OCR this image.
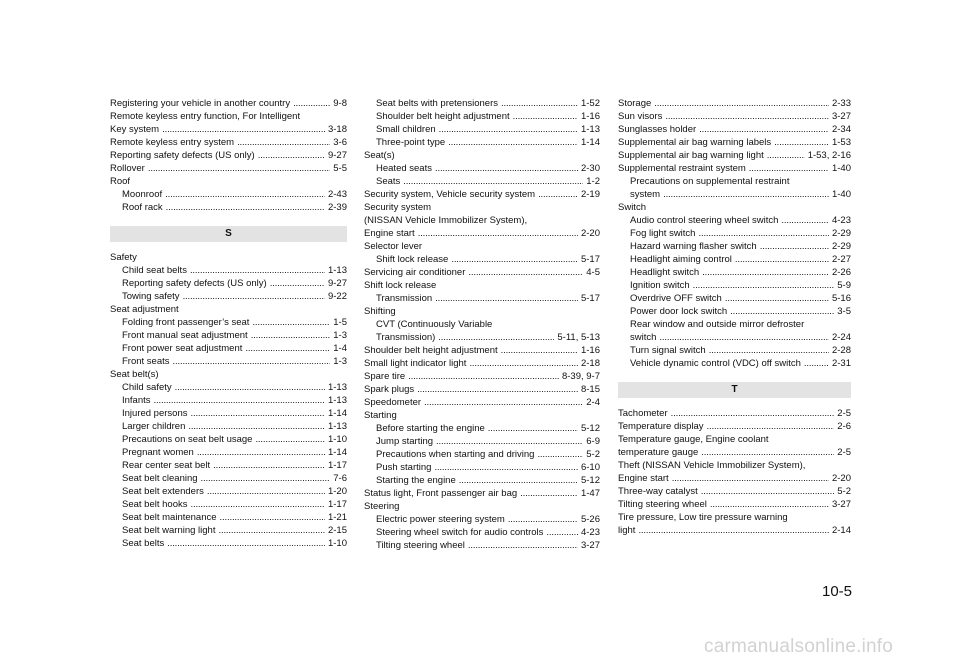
Registering your vehicle in another country . . .	9-8
Remote keyless entry function, For Intelligent
Key system . . .	3-18
Remote keyless entry system . . .	3-6
Reporting safety defects (US only) . . .	9-27
Rollover . . .	5-5
Roof
Moonroof . . .	2-43
Roof rack . . .	2-39
S
Safety
Child seat belts . . .	1-13
Reporting safety defects (US only) . . .	9-27
Towing safety . . .	9-22
Seat adjustment
Folding front passenger’s seat . . .	1-5
Front manual seat adjustment . . .	1-3
Front power seat adjustment . . .	1-4
Front seats . . .	1-3
Seat belt(s)
Child safety . . .	1-13
Infants . . .	1-13
Injured persons . . .	1-14
Larger children . . .	1-13
Precautions on seat belt usage . . .	1-10
Pregnant women . . .	1-14
Rear center seat belt . . .	1-17
Seat belt cleaning . . .	7-6
Seat belt extenders . . .	1-20
Seat belt hooks . . .	1-17
Seat belt maintenance . . .	1-21
Seat belt warning light . . .	2-15
Seat belts . . .	1-10
Seat belts with pretensioners . . .	1-52
Shoulder belt height adjustment . . .	1-16
Small children . . .	1-13
Three-point type . . .	1-14
Seat(s)
Heated seats . . .	2-30
Seats . . .	1-2
Security system, Vehicle security system . . .	2-19
Security system
(NISSAN Vehicle Immobilizer System),
Engine start . . .	2-20
Selector lever
Shift lock release . . .	5-17
Servicing air conditioner . . .	4-5
Shift lock release
Transmission . . .	5-17
Shifting
CVT (Continuously Variable
Transmission) . . .	5-11, 5-13
Shoulder belt height adjustment . . .	1-16
Small light indicator light . . .	2-18
Spare tire . . .	8-39, 9-7
Spark plugs . . .	8-15
Speedometer . . .	2-4
Starting
Before starting the engine . . .	5-12
Jump starting . . .	6-9
Precautions when starting and driving . . .	5-2
Push starting . . .	6-10
Starting the engine . . .	5-12
Status light, Front passenger air bag . . .	1-47
Steering
Electric power steering system . . .	5-26
Steering wheel switch for audio controls . . .	4-23
Tilting steering wheel . . .	3-27
Storage . . .	2-33
Sun visors . . .	3-27
Sunglasses holder . . .	2-34
Supplemental air bag warning labels . . .	1-53
Supplemental air bag warning light . . .	1-53, 2-16
Supplemental restraint system . . .	1-40
Precautions on supplemental restraint
system . . .	1-40
Switch
Audio control steering wheel switch . . .	4-23
Fog light switch . . .	2-29
Hazard warning flasher switch . . .	2-29
Headlight aiming control . . .	2-27
Headlight switch . . .	2-26
Ignition switch . . .	5-9
Overdrive OFF switch . . .	5-16
Power door lock switch . . .	3-5
Rear window and outside mirror defroster
switch . . .	2-24
Turn signal switch . . .	2-28
Vehicle dynamic control (VDC) off switch . . .	2-31
T
Tachometer . . .	2-5
Temperature display . . .	2-6
Temperature gauge, Engine coolant
temperature gauge . . .	2-5
Theft (NISSAN Vehicle Immobilizer System),
Engine start . . .	2-20
Three-way catalyst . . .	5-2
Tilting steering wheel . . .	3-27
Tire pressure, Low tire pressure warning
light . . .	2-14
10-5
carmanualsonline.info
